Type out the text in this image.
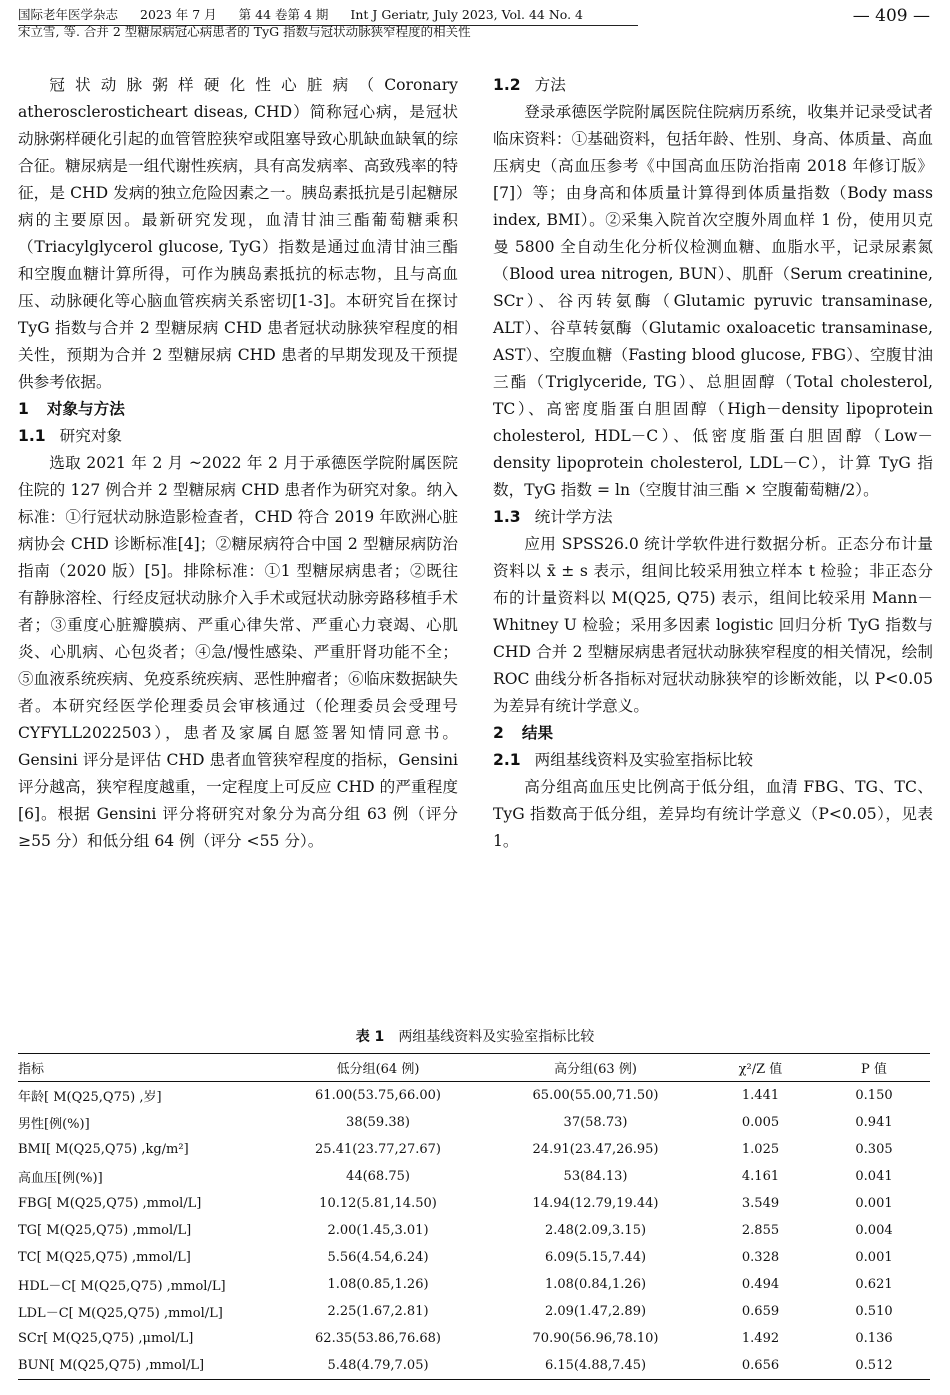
国际老年医学杂志 2023 年 7 月 第 44 卷第 4 期 Int J Geriatr, July 2023, Vol. 44 No. 4
宋立雪, 等. 合并 2 型糖尿病冠心病患者的 TyG 指数与冠状动脉狭窄程度的相关性
— 409 —

冠状动脉粥样硬化性心脏病（Coronary atherosclerosticheart diseas, CHD）简称冠心病，是冠状动脉粥样硬化引起的血管管腔狭窄或阻塞导致心肌缺血缺氧的综合征。糖尿病是一组代谢性疾病，具有高发病率、高致残率的特征，是 CHD 发病的独立危险因素之一。胰岛素抵抗是引起糖尿病的主要原因。最新研究发现，血清甘油三酯葡萄糖乘积（Triacylglycerol glucose, TyG）指数是通过血清甘油三酯和空腹血糖计算所得，可作为胰岛素抵抗的标志物，且与高血压、动脉硬化等心脑血管疾病关系密切[1-3]。本研究旨在探讨 TyG 指数与合并 2 型糖尿病 CHD 患者冠状动脉狭窄程度的相关性，预期为合并 2 型糖尿病 CHD 患者的早期发现及干预提供参考依据。

1 对象与方法
1.1 研究对象

选取 2021 年 2 月 ~2022 年 2 月于承德医学院附属医院住院的 127 例合并 2 型糖尿病 CHD 患者作为研究对象。纳入标准：①行冠状动脉造影检查者，CHD 符合 2019 年欧洲心脏病协会 CHD 诊断标准[4]；②糖尿病符合中国 2 型糖尿病防治指南（2020 版）[5]。排除标准：①1 型糖尿病患者；②既往有静脉溶栓、行经皮冠状动脉介入手术或冠状动脉旁路移植手术者；③重度心脏瓣膜病、严重心律失常、严重心力衰竭、心肌炎、心肌病、心包炎者；④急/慢性感染、严重肝肾功能不全；⑤血液系统疾病、免疫系统疾病、恶性肿瘤者；⑥临床数据缺失者。本研究经医学伦理委员会审核通过（伦理委员会受理号 CYFYLL2022503），患者及家属自愿签署知情同意书。Gensini 评分是评估 CHD 患者血管狭窄程度的指标，Gensini 评分越高，狭窄程度越重，一定程度上可反应 CHD 的严重程度[6]。根据 Gensini 评分将研究对象分为高分组 63 例（评分≥55 分）和低分组 64 例（评分 <55 分）。

1.2 方法

登录承德医学院附属医院住院病历系统，收集并记录受试者临床资料：①基础资料，包括年龄、性别、身高、体质量、高血压病史（高血压参考《中国高血压防治指南 2018 年修订版》[7]）等；由身高和体质量计算得到体质量指数（Body mass index, BMI）。②采集入院首次空腹外周血样 1 份，使用贝克曼 5800 全自动生化分析仪检测血糖、血脂水平，记录尿素氮（Blood urea nitrogen, BUN）、肌酐（Serum creatinine, SCr）、谷丙转氨酶（Glutamic pyruvic transaminase, ALT）、谷草转氨酶（Glutamic oxaloacetic transaminase, AST）、空腹血糖（Fasting blood glucose, FBG）、空腹甘油三酯（Triglyceride, TG）、总胆固醇（Total cholesterol, TC）、高密度脂蛋白胆固醇（High－density lipoprotein cholesterol, HDL－C）、低密度脂蛋白胆固醇（Low－density lipoprotein cholesterol, LDL－C），计算 TyG 指数，TyG 指数 = ln（空腹甘油三酯 × 空腹葡萄糖/2）。

1.3 统计学方法

应用 SPSS26.0 统计学软件进行数据分析。正态分布计量资料以 x̄ ± s 表示，组间比较采用独立样本 t 检验；非正态分布的计量资料以 M(Q25, Q75) 表示，组间比较采用 Mann－Whitney U 检验；采用多因素 logistic 回归分析 TyG 指数与 CHD 合并 2 型糖尿病患者冠状动脉狭窄程度的相关情况，绘制 ROC 曲线分析各指标对冠状动脉狭窄的诊断效能，以 P<0.05 为差异有统计学意义。

2 结果
2.1 两组基线资料及实验室指标比较

高分组高血压史比例高于低分组，血清 FBG、TG、TC、TyG 指数高于低分组，差异均有统计学意义（P<0.05），见表 1。

表 1 两组基线资料及实验室指标比较
指标	低分组(64 例)	高分组(63 例)	χ²/Z 值	P 值
年龄[ M(Q25,Q75) ,岁]	61.00(53.75,66.00)	65.00(55.00,71.50)	1.441	0.150
男性[例(%)]	38(59.38)	37(58.73)	0.005	0.941
BMI[ M(Q25,Q75) ,kg/m²]	25.41(23.77,27.67)	24.91(23.47,26.95)	1.025	0.305
高血压[例(%)]	44(68.75)	53(84.13)	4.161	0.041
FBG[ M(Q25,Q75) ,mmol/L]	10.12(5.81,14.50)	14.94(12.79,19.44)	3.549	0.001
TG[ M(Q25,Q75) ,mmol/L]	2.00(1.45,3.01)	2.48(2.09,3.15)	2.855	0.004
TC[ M(Q25,Q75) ,mmol/L]	5.56(4.54,6.24)	6.09(5.15,7.44)	0.328	0.001
HDL－C[ M(Q25,Q75) ,mmol/L]	1.08(0.85,1.26)	1.08(0.84,1.26)	0.494	0.621
LDL－C[ M(Q25,Q75) ,mmol/L]	2.25(1.67,2.81)	2.09(1.47,2.89)	0.659	0.510
SCr[ M(Q25,Q75) ,μmol/L]	62.35(53.86,76.68)	70.90(56.96,78.10)	1.492	0.136
BUN[ M(Q25,Q75) ,mmol/L]	5.48(4.79,7.05)	6.15(4.88,7.45)	0.656	0.512
